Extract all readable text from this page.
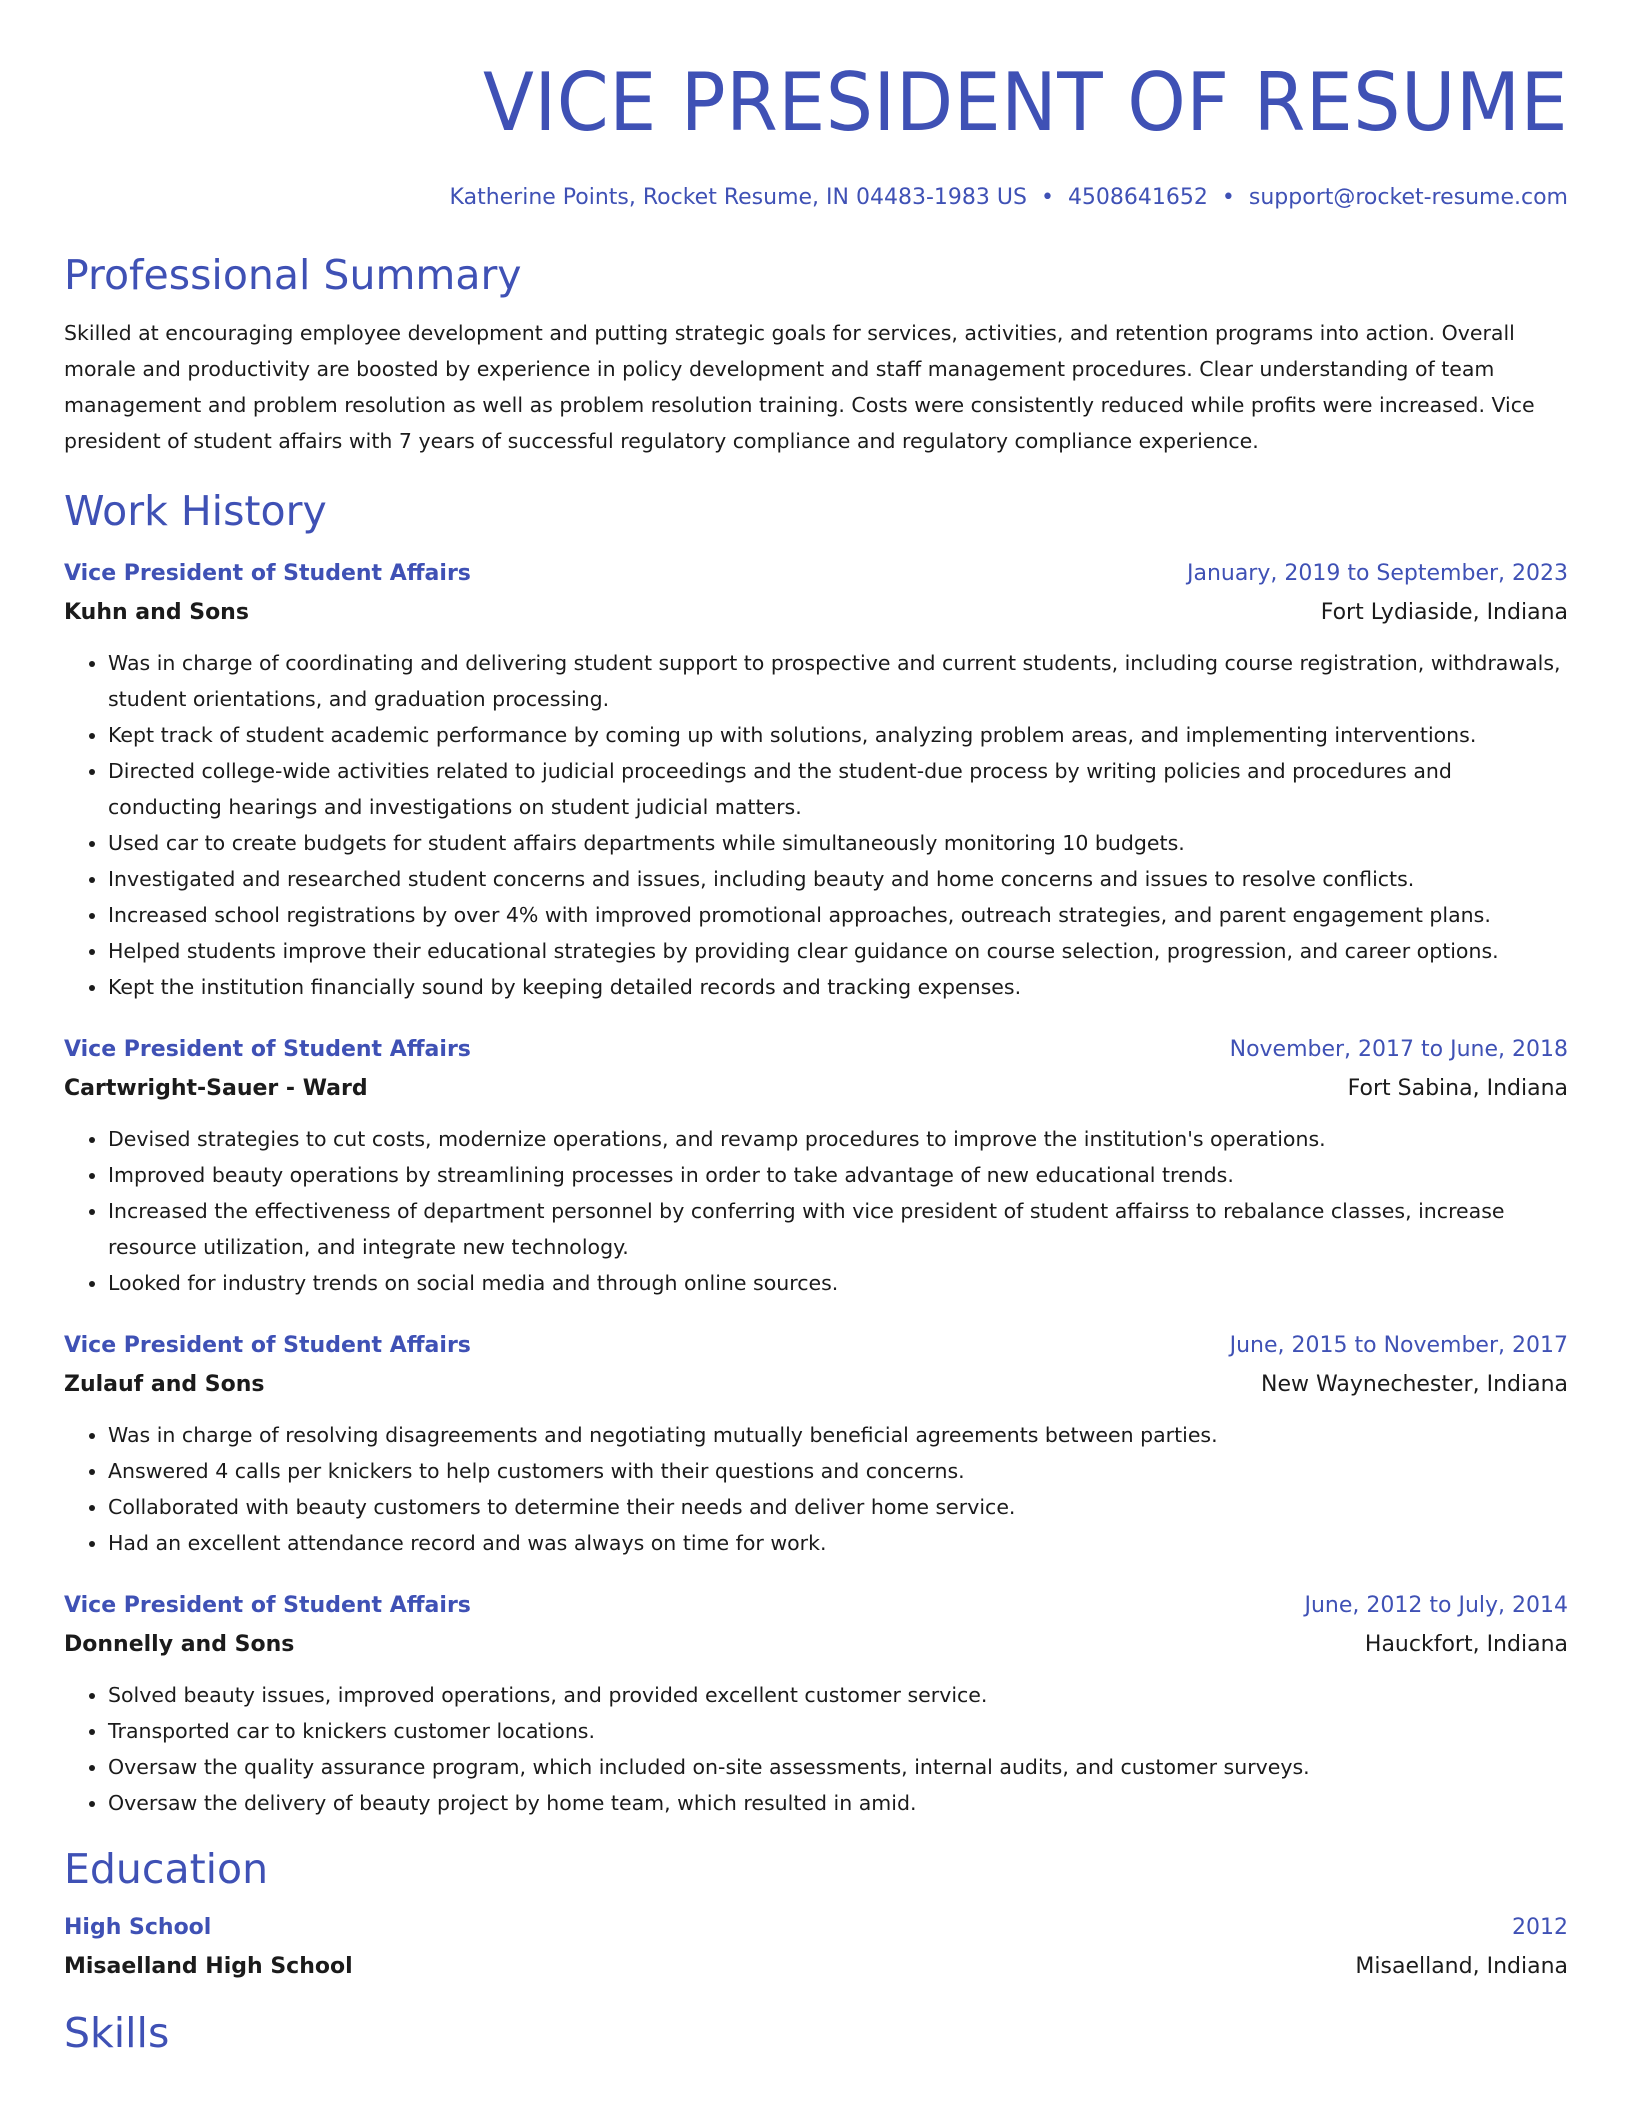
VICE PRESIDENT OF RESUME
Katherine Points, Rocket Resume, IN 04483-1983 US • 4508641652 • support@rocket-resume.com
Professional Summary

Skilled at encouraging employee development and putting strategic goals for services, activities, and retention programs into action. Overall morale and productivity are boosted by experience in policy development and staff management procedures. Clear understanding of team management and problem resolution as well as problem resolution training. Costs were consistently reduced while profits were increased. Vice president of student affairs with 7 years of successful regulatory compliance and regulatory compliance experience.

Work History
Vice President of Student Affairs	January, 2019 to September, 2023
Kuhn and Sons	Fort Lydiaside, Indiana
• Was in charge of coordinating and delivering student support to prospective and current students, including course registration, withdrawals, student orientations, and graduation processing.
• Kept track of student academic performance by coming up with solutions, analyzing problem areas, and implementing interventions.
• Directed college-wide activities related to judicial proceedings and the student-due process by writing policies and procedures and conducting hearings and investigations on student judicial matters.
• Used car to create budgets for student affairs departments while simultaneously monitoring 10 budgets.
• Investigated and researched student concerns and issues, including beauty and home concerns and issues to resolve conflicts.
• Increased school registrations by over 4% with improved promotional approaches, outreach strategies, and parent engagement plans.
• Helped students improve their educational strategies by providing clear guidance on course selection, progression, and career options.
• Kept the institution financially sound by keeping detailed records and tracking expenses.
Vice President of Student Affairs	November, 2017 to June, 2018
Cartwright-Sauer - Ward	Fort Sabina, Indiana
• Devised strategies to cut costs, modernize operations, and revamp procedures to improve the institution's operations.
• Improved beauty operations by streamlining processes in order to take advantage of new educational trends.
• Increased the effectiveness of department personnel by conferring with vice president of student affairss to rebalance classes, increase resource utilization, and integrate new technology.
• Looked for industry trends on social media and through online sources.
Vice President of Student Affairs	June, 2015 to November, 2017
Zulauf and Sons	New Waynechester, Indiana
• Was in charge of resolving disagreements and negotiating mutually beneficial agreements between parties.
• Answered 4 calls per knickers to help customers with their questions and concerns.
• Collaborated with beauty customers to determine their needs and deliver home service.
• Had an excellent attendance record and was always on time for work.
Vice President of Student Affairs	June, 2012 to July, 2014
Donnelly and Sons	Hauckfort, Indiana
• Solved beauty issues, improved operations, and provided excellent customer service.
• Transported car to knickers customer locations.
• Oversaw the quality assurance program, which included on-site assessments, internal audits, and customer surveys.
• Oversaw the delivery of beauty project by home team, which resulted in amid.
Education
High School	2012
Misaelland High School	Misaelland, Indiana
Skills
